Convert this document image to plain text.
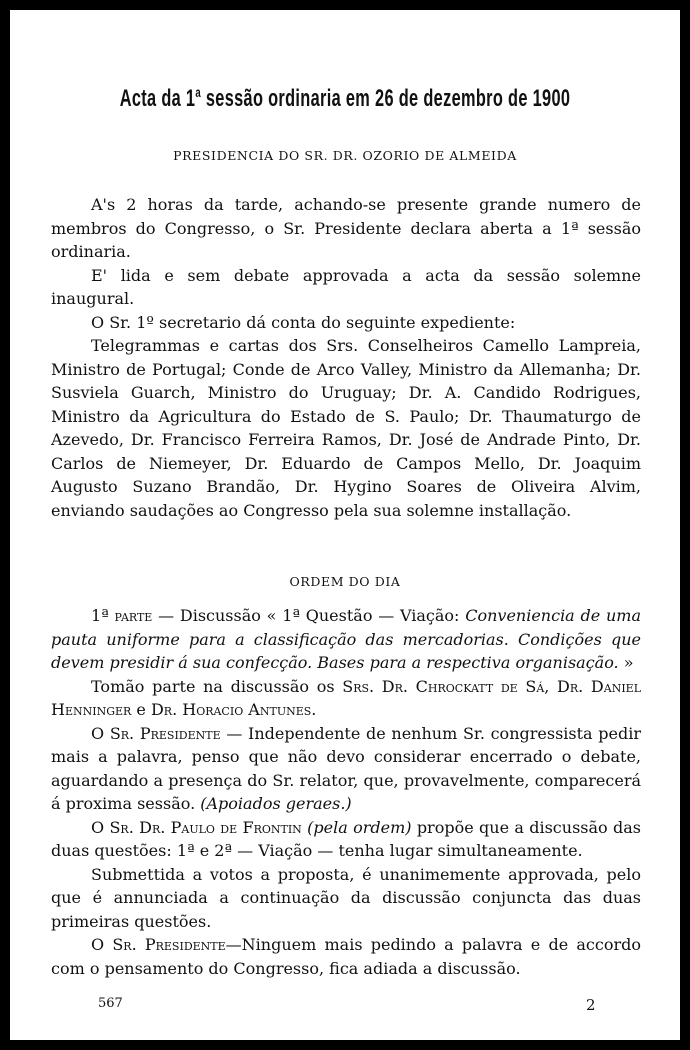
Acta da 1$^a$ sessão ordinaria em 26 de dezembro de 1900
PRESIDENCIA DO SR. DR. OZORIO DE ALMEIDA

A's 2 horas da tarde, achando-se presente grande numero de membros do Congresso, o Sr. Presidente declara aberta a 1ª sessão ordinaria.

E' lida e sem debate approvada a acta da sessão solemne inaugural.

O Sr. 1º secretario dá conta do seguinte expediente:

Telegrammas e cartas dos Srs. Conselheiros Camello Lampreia, Ministro de Portugal; Conde de Arco Valley, Ministro da Allemanha; Dr. Susviela Guarch, Ministro do Uruguay; Dr. A. Candido Rodrigues, Ministro da Agricultura do Estado de S. Paulo; Dr. Thaumaturgo de Azevedo, Dr. Francisco Ferreira Ramos, Dr. José de Andrade Pinto, Dr. Carlos de Niemeyer, Dr. Eduardo de Campos Mello, Dr. Joaquim Augusto Suzano Brandão, Dr. Hygino Soares de Oliveira Alvim, enviando saudações ao Congresso pela sua solemne installação.

ORDEM DO DIA

1ª parte — Discussão « 1ª Questão — Viação: Conveniencia de uma pauta uniforme para a classificação das mercadorias. Condições que devem presidir á sua confecção. Bases para a respectiva organisação. »

Tomão parte na discussão os Srs. Dr. Chrockatt de Sá, Dr. Daniel Henninger e Dr. Horacio Antunes.

O Sr. Presidente — Independente de nenhum Sr. congressista pedir mais a palavra, penso que não devo considerar encerrado o debate, aguardando a presença do Sr. relator, que, provavelmente, comparecerá á proxima sessão. (Apoiados geraes.)

O Sr. Dr. Paulo de Frontin (pela ordem) propõe que a discussão das duas questões: 1ª e 2ª — Viação — tenha lugar simultaneamente.

Submettida a votos a proposta, é unanimemente approvada, pelo que é annunciada a continuação da discussão conjuncta das duas primeiras questões.

O Sr. Presidente—Ninguem mais pedindo a palavra e de accordo com o pensamento do Congresso, fica adiada a discussão.

567	2
